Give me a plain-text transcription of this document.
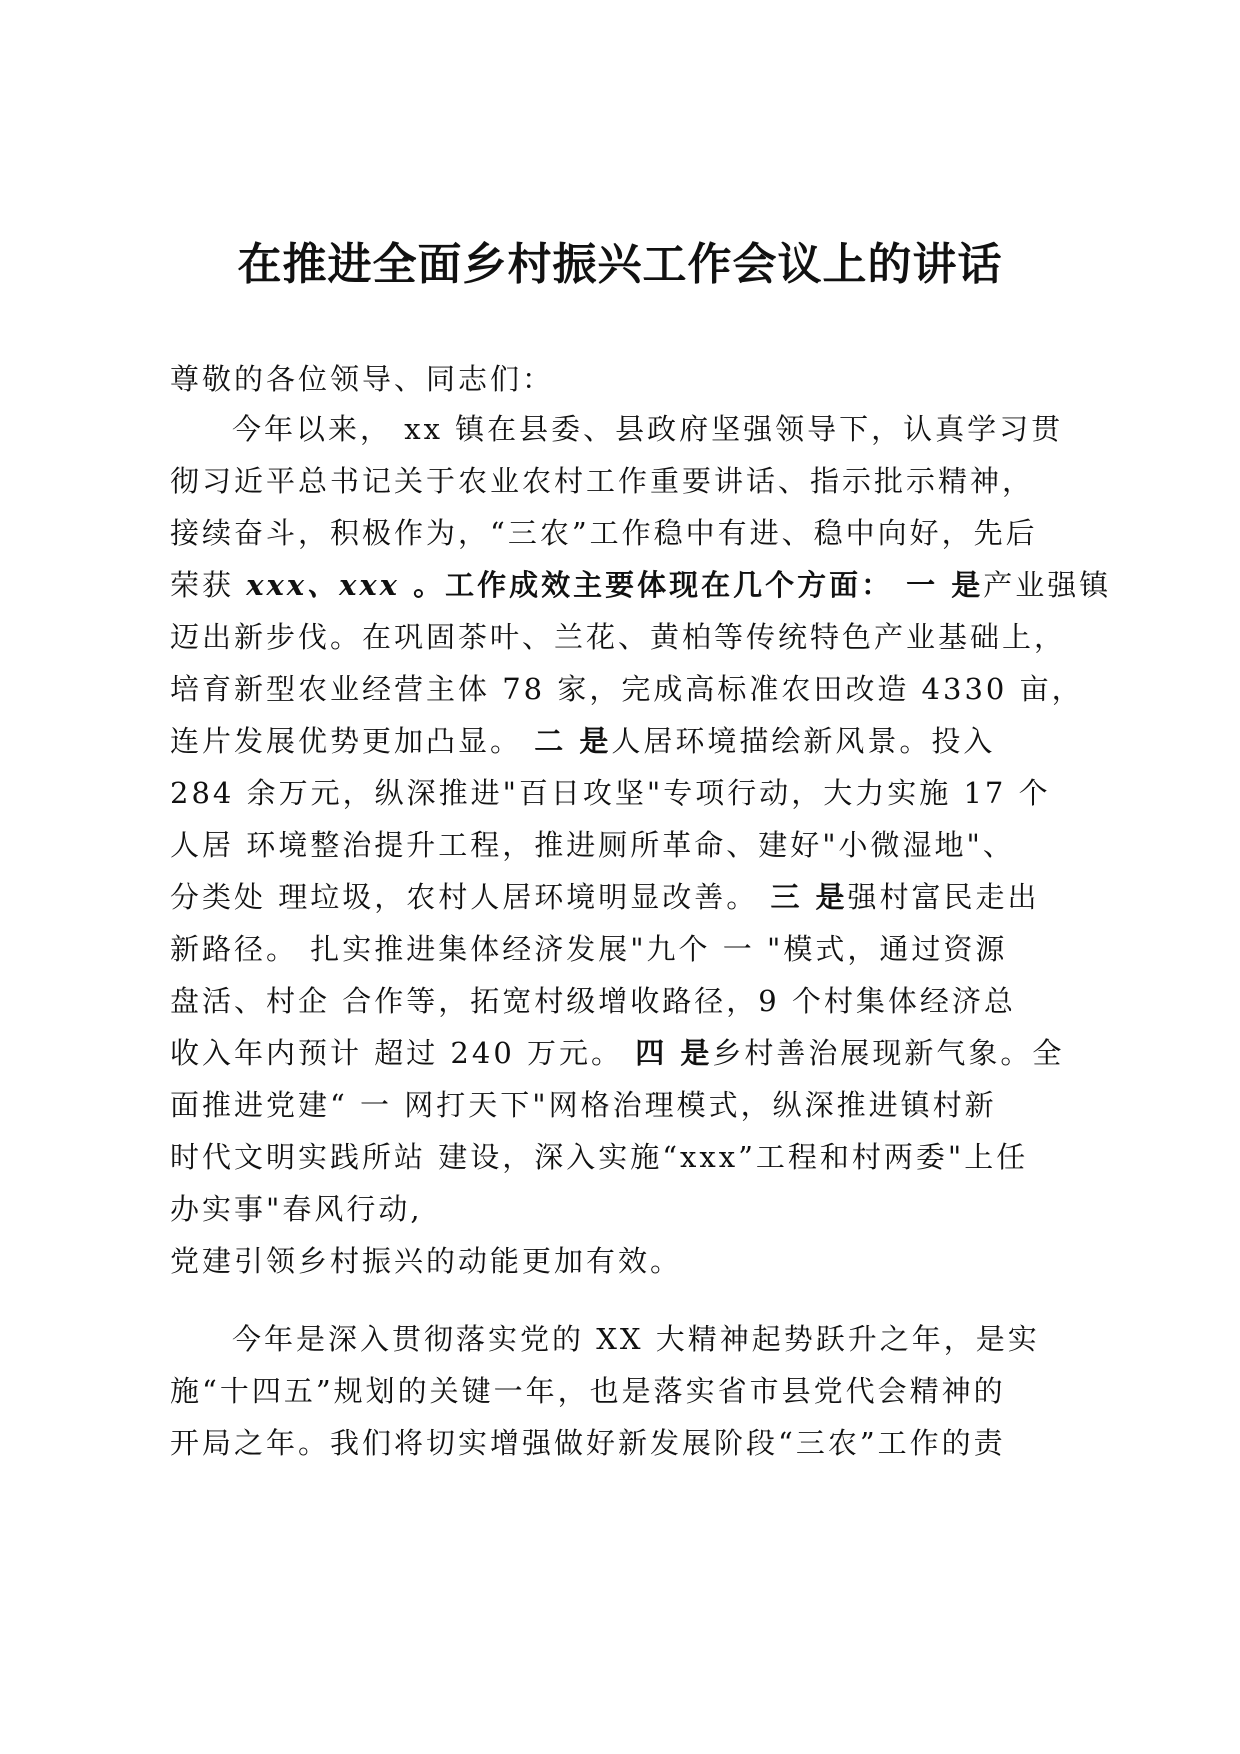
在推进全面乡村振兴工作会议上的讲话
尊敬的各位领导、同志们：
今年以来， xx 镇在县委、县政府坚强领导下，认真学习贯
彻习近平总书记关于农业农村工作重要讲话、指示批示精神，
接续奋斗，积极作为，“三农”工作稳中有进、稳中向好，先后
荣获 xxx、xxx 。工作成效主要体现在几个方面： 一 是产业强镇
迈出新步伐。在巩固茶叶、兰花、黄柏等传统特色产业基础上，
培育新型农业经营主体 78 家，完成高标准农田改造 4330 亩，
连片发展优势更加凸显。 二 是人居环境描绘新风景。投入
284 余万元，纵深推进"百日攻坚"专项行动，大力实施 17 个
人居 环境整治提升工程，推进厕所革命、建好"小微湿地"、
分类处 理垃圾，农村人居环境明显改善。 三 是强村富民走出
新路径。 扎实推进集体经济发展"九个 一 "模式，通过资源
盘活、村企 合作等，拓宽村级增收路径，9 个村集体经济总
收入年内预计 超过 240 万元。 四 是乡村善治展现新气象。全
面推进党建“ 一 网打天下"网格治理模式，纵深推进镇村新
时代文明实践所站 建设，深入实施“xxx”工程和村两委"上任
办实事"春风行动,
党建引领乡村振兴的动能更加有效。
今年是深入贯彻落实党的 XX 大精神起势跃升之年，是实
施“十四五”规划的关键一年，也是落实省市县党代会精神的
开局之年。我们将切实增强做好新发展阶段“三农”工作的责
